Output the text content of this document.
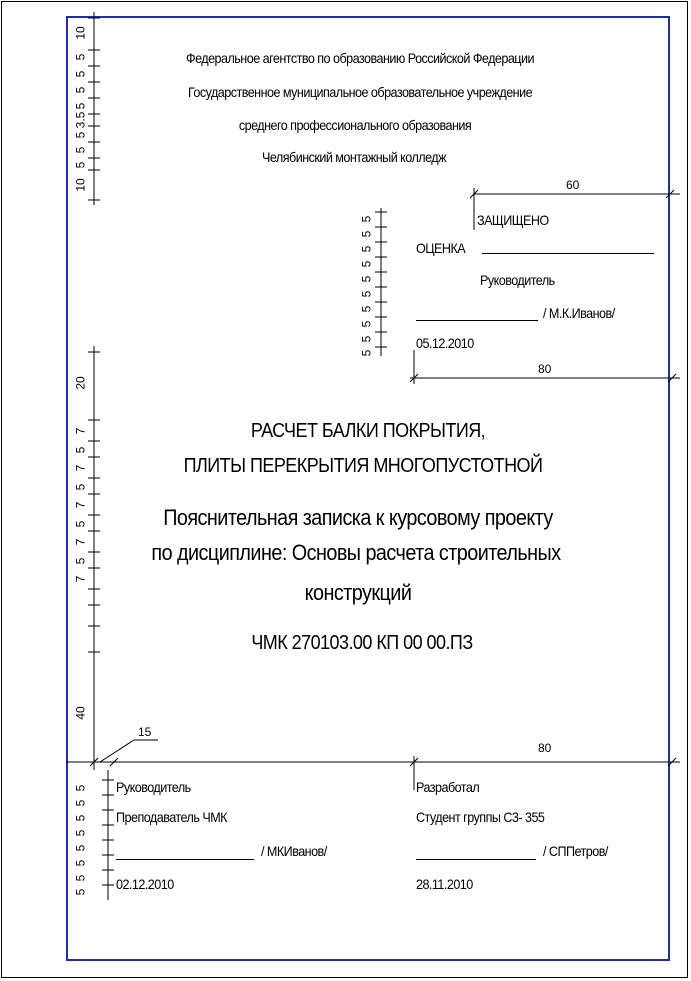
60
80
80
15
10
5
5
5
5
3.5
5
5
5
10
5
5
5
5
5
5
5
5
5
5
20
7
5
7
5
7
5
7
5
7
40
5
5
5
5
5
5
5
5
Федеральное агентство по образованию Российской Федерации
Государственное муниципальное образовательное учреждение
среднего профессионального образования
Челябинский монтажный колледж
ЗАЩИЩЕНО
ОЦЕНКА
Руководитель
/ М.К.Иванов/
05.12.2010
РАСЧЕТ БАЛКИ ПОКРЫТИЯ,
ПЛИТЫ ПЕРЕКРЫТИЯ МНОГОПУСТОТНОЙ
Пояснительная записка к курсовому проекту
по дисциплине: Основы расчета строительных
конструкций
ЧМК 270103.00 КП 00 00.ПЗ
Руководитель
Преподаватель ЧМК
/ МКИванов/
02.12.2010
Разработал
Студент группы С3- 355
/ СППетров/
28.11.2010
